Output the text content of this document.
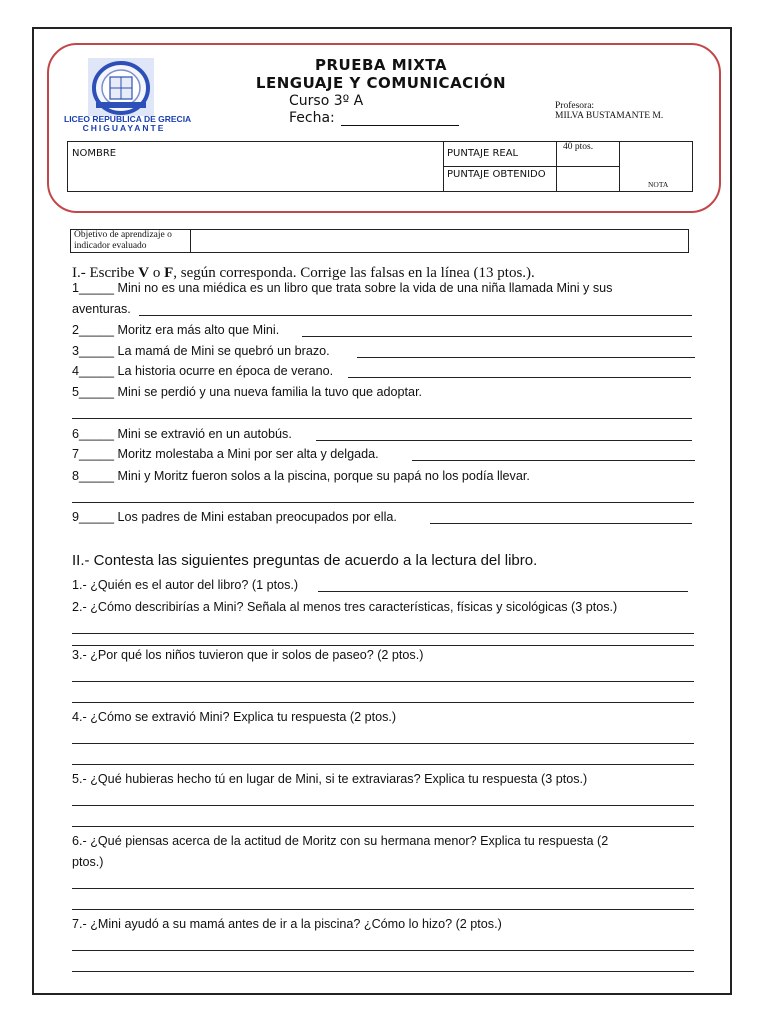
LICEO REPUBLICA DE GRECIA
CHIGUAYANTE
PRUEBA MIXTA
LENGUAJE Y COMUNICACIÓN
Curso 3º A
Fecha:
Profesora:
MILVA BUSTAMANTE M.
NOMBRE	PUNTAJE REAL	40 ptos.	NOTA

	PUNTAJE OBTENIDO		
Objetivo de aprendizaje o indicador evaluado	
I.- Escribe V o F, según corresponda. Corrige las falsas en la línea (13 ptos.).
1_____ Mini no es una miédica es un libro que trata sobre la vida de una niña llamada Mini y sus
aventuras.
2_____ Moritz era más alto que Mini.
3_____ La mamá de Mini se quebró un brazo.
4_____ La historia ocurre en época de verano.
5_____ Mini se perdió y una nueva familia la tuvo que adoptar.
6_____ Mini se extravió en un autobús.
7_____ Moritz molestaba a Mini por ser alta y delgada.
8_____ Mini y Moritz fueron solos a la piscina, porque su papá no los podía llevar.
9_____ Los padres de Mini estaban preocupados por ella.
II.- Contesta las siguientes preguntas de acuerdo a la lectura del libro.
1.- ¿Quién es el autor del libro? (1 ptos.)
2.- ¿Cómo describirías a Mini? Señala al menos tres características, físicas y sicológicas (3 ptos.)
3.- ¿Por qué los niños tuvieron que ir solos de paseo? (2 ptos.)
4.- ¿Cómo se extravió Mini? Explica tu respuesta (2 ptos.)
5.- ¿Qué hubieras hecho tú en lugar de Mini, si te extraviaras? Explica tu respuesta (3 ptos.)
6.- ¿Qué piensas acerca de la actitud de Moritz con su hermana menor? Explica tu respuesta (2
ptos.)
7.- ¿Mini ayudó a su mamá antes de ir a la piscina? ¿Cómo lo hizo? (2 ptos.)
